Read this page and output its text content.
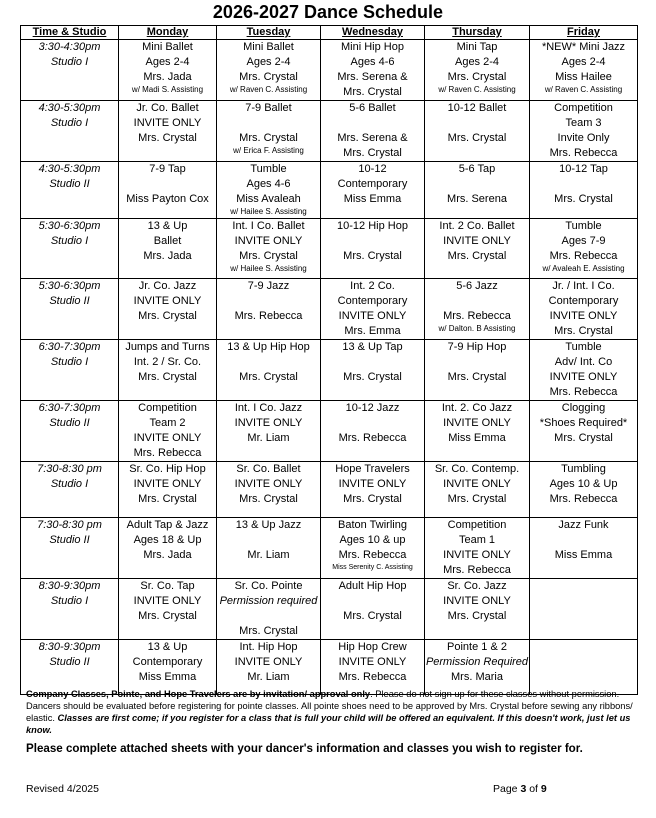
2026-2027 Dance Schedule
Time & Studio	Monday	Tuesday	Wednesday	Thursday	Friday

3:30-4:30pm
Studio I	Mini Ballet
Ages 2-4
Mrs. Jada
w/ Madi S. Assisting	Mini Ballet
Ages 2-4
Mrs. Crystal
w/ Raven C. Assisting	Mini Hip Hop
Ages 4-6
Mrs. Serena &
Mrs. Crystal	Mini Tap
Ages 2-4
Mrs. Crystal
w/ Raven C. Assisting	*NEW* Mini Jazz
Ages 2-4
Miss Hailee
w/ Raven C. Assisting

4:30-5:30pm
Studio I	Jr. Co. Ballet
INVITE ONLY
Mrs. Crystal	7-9 Ballet
Mrs. Crystal
w/ Erica F. Assisting	5-6 Ballet
Mrs. Serena &
Mrs. Crystal	10-12 Ballet
Mrs. Crystal	Competition
Team 3
Invite Only
Mrs. Rebecca

4:30-5:30pm
Studio II	7-9 Tap
Miss Payton Cox	Tumble
Ages 4-6
Miss Avaleah
w/ Hailee S. Assisting	10-12
Contemporary
Miss Emma	5-6 Tap
Mrs. Serena	10-12 Tap
Mrs. Crystal

5:30-6:30pm
Studio I	13 & Up
Ballet
Mrs. Jada	Int. I Co. Ballet
INVITE ONLY
Mrs. Crystal
w/ Hailee S. Assisting	10-12 Hip Hop
Mrs. Crystal	Int. 2 Co. Ballet
INVITE ONLY
Mrs. Crystal	Tumble
Ages 7-9
Mrs. Rebecca
w/ Avaleah E. Assisting

5:30-6:30pm
Studio II	Jr. Co. Jazz
INVITE ONLY
Mrs. Crystal	7-9 Jazz
Mrs. Rebecca	Int. 2 Co.
Contemporary
INVITE ONLY
Mrs. Emma	5-6 Jazz
Mrs. Rebecca
w/ Dalton. B Assisting	Jr. / Int. I Co.
Contemporary
INVITE ONLY
Mrs. Crystal

6:30-7:30pm
Studio I	Jumps and Turns
Int. 2 / Sr. Co.
Mrs. Crystal	13 & Up Hip Hop
Mrs. Crystal	13 & Up Tap
Mrs. Crystal	7-9 Hip Hop
Mrs. Crystal	Tumble
Adv/ Int. Co
INVITE ONLY
Mrs. Rebecca

6:30-7:30pm
Studio II	Competition
Team 2
INVITE ONLY
Mrs. Rebecca	Int. I Co. Jazz
INVITE ONLY
Mr. Liam	10-12 Jazz
Mrs. Rebecca	Int. 2. Co Jazz
INVITE ONLY
Miss Emma	Clogging
*Shoes Required*
Mrs. Crystal

7:30-8:30 pm
Studio I	Sr. Co. Hip Hop
INVITE ONLY
Mrs. Crystal	Sr. Co. Ballet
INVITE ONLY
Mrs. Crystal	Hope Travelers
INVITE ONLY
Mrs. Crystal	Sr. Co. Contemp.
INVITE ONLY
Mrs. Crystal	Tumbling
Ages 10 & Up
Mrs. Rebecca

7:30-8:30 pm
Studio II	Adult Tap & Jazz
Ages 18 & Up
Mrs. Jada	13 & Up Jazz
Mr. Liam	Baton Twirling
Ages 10 & up
Mrs. Rebecca
Miss Serenity C. Assisting	Competition
Team 1
INVITE ONLY
Mrs. Rebecca	Jazz Funk
Miss Emma

8:30-9:30pm
Studio I	Sr. Co. Tap
INVITE ONLY
Mrs. Crystal	Sr. Co. Pointe
Permission required
Mrs. Crystal	Adult Hip Hop
Mrs. Crystal	Sr. Co. Jazz
INVITE ONLY
Mrs. Crystal	

8:30-9:30pm
Studio II	13 & Up
Contemporary
Miss Emma	Int. Hip Hop
INVITE ONLY
Mr. Liam	Hip Hop Crew
INVITE ONLY
Mrs. Rebecca	Pointe 1 & 2
Permission Required
Mrs. Maria	

Company Classes, Pointe, and Hope Travelers are by invitation/ approval only. Please do not sign up for these classes without permission. Dancers should be evaluated before registering for pointe classes. All pointe shoes need to be approved by Mrs. Crystal before sewing any ribbons/ elastic. Classes are first come; if you register for a class that is full your child will be offered an equivalent. If this doesn't work, just let us know.
Please complete attached sheets with your dancer's information and classes you wish to register for.
Revised 4/2025	Page 3 of 9
